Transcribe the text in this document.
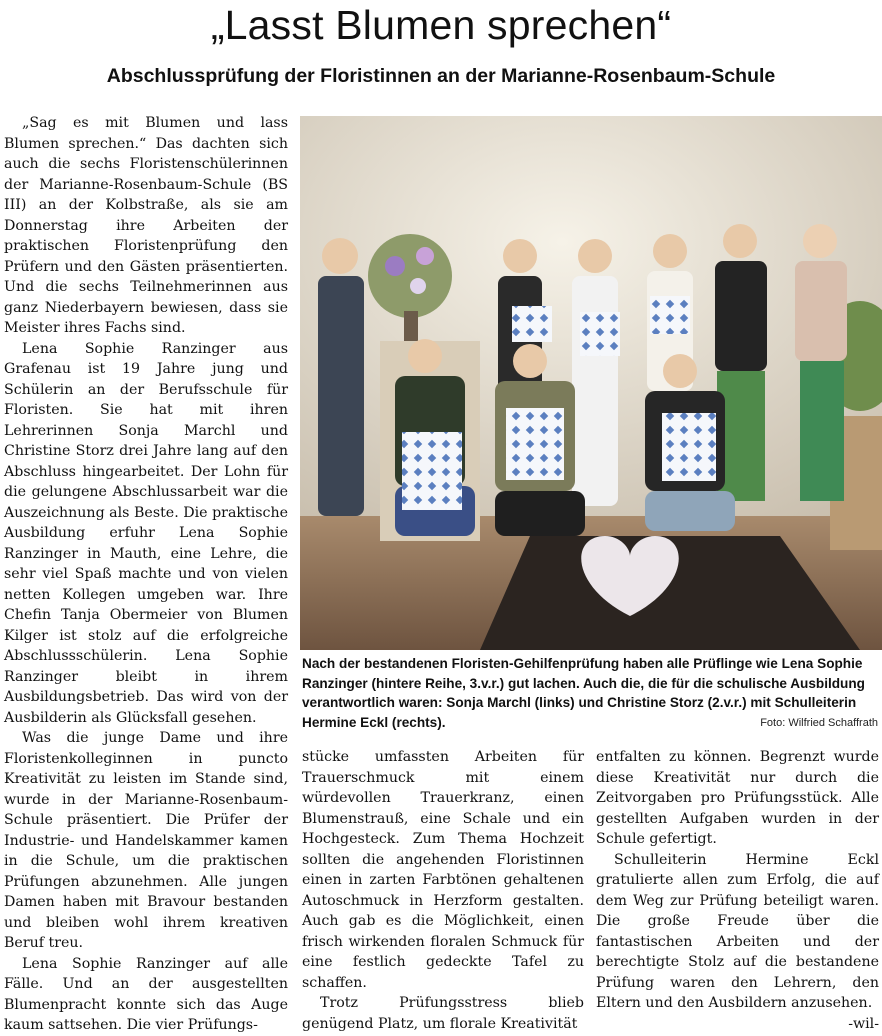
„Lasst Blumen sprechen“
Abschlussprüfung der Floristinnen an der Marianne-Rosenbaum-Schule

„Sag es mit Blumen und lass Blumen sprechen.“ Das dachten sich auch die sechs Floristenschülerinnen der Marianne-Rosenbaum-Schule (BS III) an der Kolbstraße, als sie am Donnerstag ihre Arbeiten der praktischen Floristenprüfung den Prüfern und den Gästen präsentierten. Und die sechs Teilnehmerinnen aus ganz Niederbayern bewiesen, dass sie Meister ihres Fachs sind.

Lena Sophie Ranzinger aus Grafenau ist 19 Jahre jung und Schülerin an der Berufsschule für Floristen. Sie hat mit ihren Lehrerinnen Sonja Marchl und Christine Storz drei Jahre lang auf den Abschluss hingearbeitet. Der Lohn für die gelungene Abschlussarbeit war die Auszeichnung als Beste. Die praktische Ausbildung erfuhr Lena Sophie Ranzinger in Mauth, eine Lehre, die sehr viel Spaß machte und von vielen netten Kollegen umgeben war. Ihre Chefin Tanja Obermeier von Blumen Kilger ist stolz auf die erfolgreiche Abschlussschülerin. Lena Sophie Ranzinger bleibt in ihrem Ausbildungsbetrieb. Das wird von der Ausbilderin als Glücksfall gesehen.

Was die junge Dame und ihre Floristenkolleginnen in puncto Kreativität zu leisten im Stande sind, wurde in der Marianne-Rosenbaum-Schule präsentiert. Die Prüfer der Industrie- und Handelskammer kamen in die Schule, um die praktischen Prüfungen abzunehmen. Alle jungen Damen haben mit Bravour bestanden und bleiben wohl ihrem kreativen Beruf treu.

Lena Sophie Ranzinger auf alle Fälle. Und an der ausgestellten Blumenpracht konnte sich das Auge kaum sattsehen. Die vier Prüfungs-

Nach der bestandenen Floristen-Gehilfenprüfung haben alle Prüflinge wie Lena Sophie Ranzinger (hintere Reihe, 3.v.r.) gut lachen. Auch die, die für die schulische Ausbildung verantwortlich waren: Sonja Marchl (links) und Christine Storz (2.v.r.) mit Schulleiterin Hermine Eckl (rechts).	Foto: Wilfried Schaffrath

stücke umfassten Arbeiten für Trauerschmuck mit einem würdevollen Trauerkranz, einen Blumenstrauß, eine Schale und ein Hochgesteck. Zum Thema Hochzeit sollten die angehenden Floristinnen einen in zarten Farbtönen gehaltenen Autoschmuck in Herzform gestalten. Auch gab es die Möglichkeit, einen frisch wirkenden floralen Schmuck für eine festlich gedeckte Tafel zu schaffen.

Trotz Prüfungsstress blieb genügend Platz, um florale Kreativität

entfalten zu können. Begrenzt wurde diese Kreativität nur durch die Zeitvorgaben pro Prüfungsstück. Alle gestellten Aufgaben wurden in der Schule gefertigt.

Schulleiterin Hermine Eckl gratulierte allen zum Erfolg, die auf dem Weg zur Prüfung beteiligt waren. Die große Freude über die fantastischen Arbeiten und der berechtigte Stolz auf die bestandene Prüfung waren den Lehrern, den Eltern und den Ausbildern anzusehen.

-wil-
